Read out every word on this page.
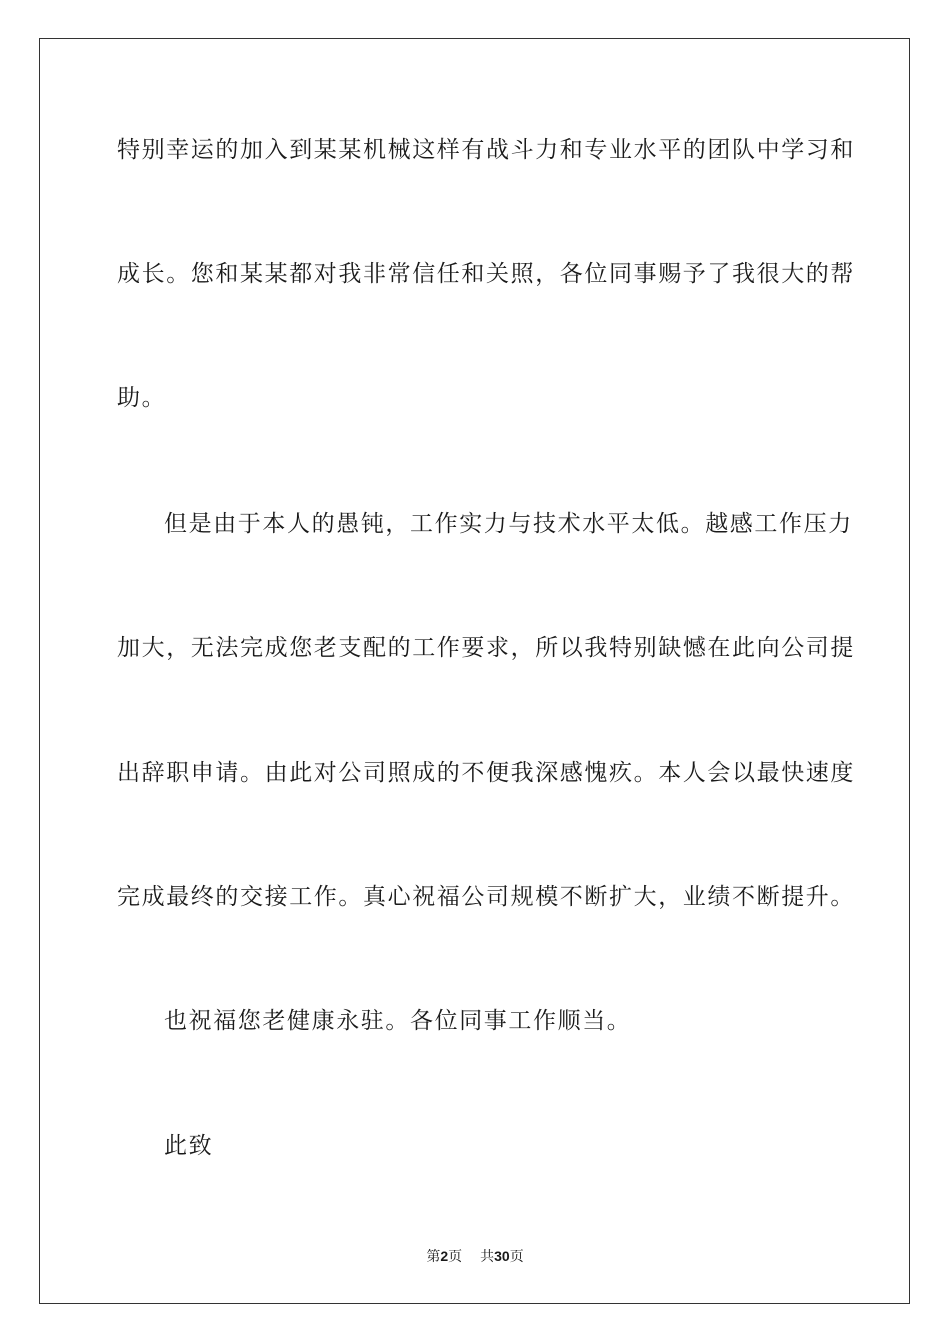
特别幸运的加入到某某机械这样有战斗力和专业水平的团队中学习和
成长。您和某某都对我非常信任和关照，各位同事赐予了我很大的帮
助。
但是由于本人的愚钝，工作实力与技术水平太低。越感工作压力
加大，无法完成您老支配的工作要求，所以我特别缺憾在此向公司提
出辞职申请。由此对公司照成的不便我深感愧疚。本人会以最快速度
完成最终的交接工作。真心祝福公司规模不断扩大，业绩不断提升。
也祝福您老健康永驻。各位同事工作顺当。
此致
第2页 共30页
